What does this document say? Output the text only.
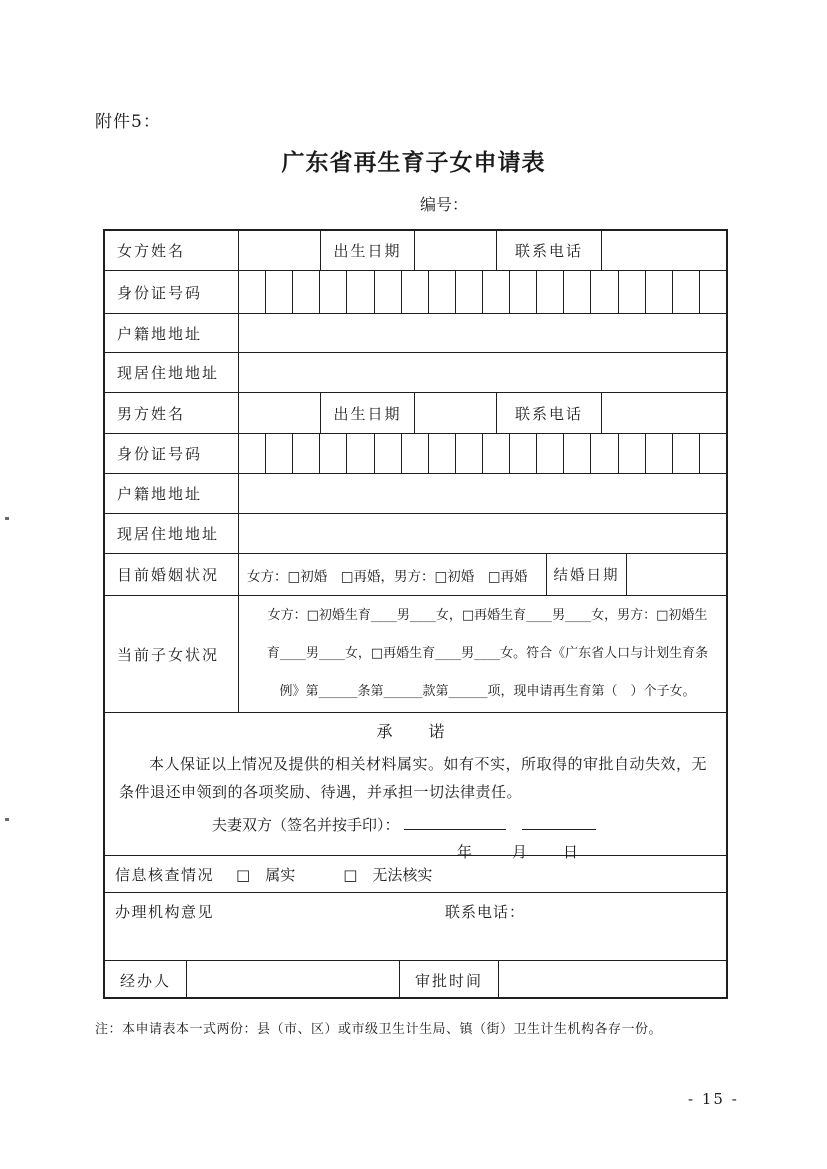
附件5：
广东省再生育子女申请表
编号：
女方姓名	出生日期	联系电话
身份证号码
户籍地地址
现居住地地址
男方姓名	出生日期	联系电话
身份证号码
户籍地地址
现居住地地址
目前婚姻状况	女方：□初婚　□再婚，男方：□初婚　□再婚	结婚日期
当前子女状况
女方：□初婚生育____男____女，□再婚生育____男____女，男方：□初婚生
育____男____女，□再婚生育____男____女。符合《广东省人口与计划生育条
例》第______条第______款第______项，现申请再生育第（　）个子女。
承　诺
本人保证以上情况及提供的相关材料属实。如有不实，所取得的审批自动失效，无条件退还申领到的各项奖励、待遇，并承担一切法律责任。
夫妻双方（签名并按手印）：
年	月 日
信息核查情况 □　属实	□　无法核实
办理机构意见	联系电话：
经办人	审批时间
注：本申请表本一式两份：县（市、区）或市级卫生计生局、镇（街）卫生计生机构各存一份。
- 15 -
